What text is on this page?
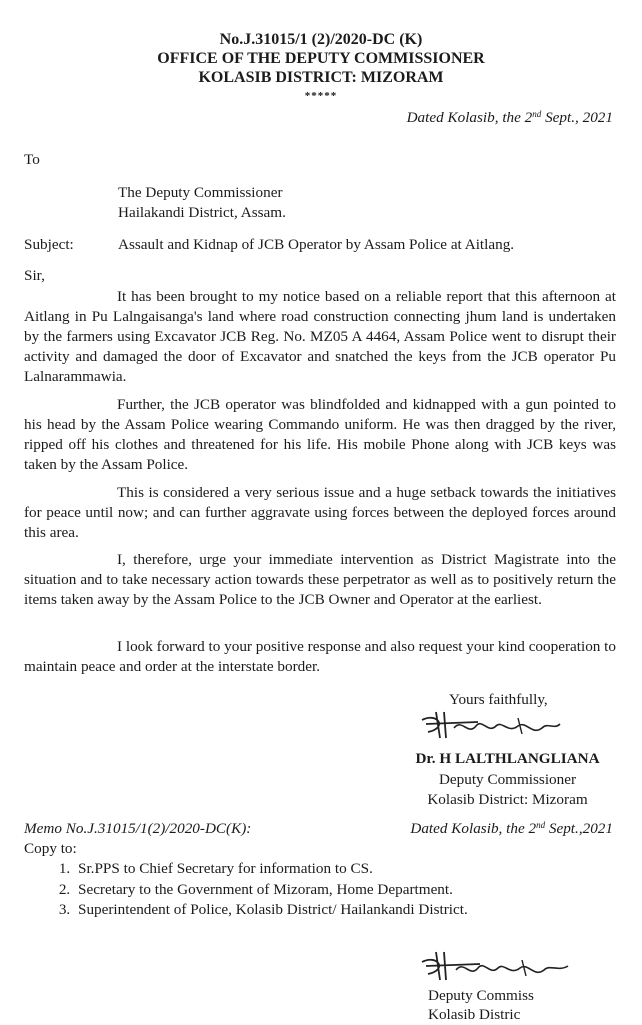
No.J.31015/1 (2)/2020-DC (K)
OFFICE OF THE DEPUTY COMMISSIONER
KOLASIB DISTRICT: MIZORAM
*****
Dated Kolasib, the 2nd Sept., 2021
To
The Deputy Commissioner
Hailakandi District, Assam.
Subject:	Assault and Kidnap of JCB Operator by Assam Police at Aitlang.
Sir,
It has been brought to my notice based on a reliable report that this afternoon at Aitlang in Pu Lalngaisanga's land where road construction connecting jhum land is undertaken by the farmers using Excavator JCB Reg. No. MZ05 A 4464, Assam Police went to disrupt their activity and damaged the door of Excavator and snatched the keys from the JCB operator Pu Lalnarammawia.
Further, the JCB operator was blindfolded and kidnapped with a gun pointed to his head by the Assam Police wearing Commando uniform. He was then dragged by the river, ripped off his clothes and threatened for his life. His mobile Phone along with JCB keys was taken by the Assam Police.
This is considered a very serious issue and a huge setback towards the initiatives for peace until now; and can further aggravate using forces between the deployed forces around this area.
I, therefore, urge your immediate intervention as District Magistrate into the situation and to take necessary action towards these perpetrator as well as to positively return the items taken away by the Assam Police to the JCB Owner and Operator at the earliest.
I look forward to your positive response and also request your kind cooperation to maintain peace and order at the interstate border.
Yours faithfully,
Dr. H LALTHLANGLIANA
Deputy Commissioner
Kolasib District: Mizoram
Memo No.J.31015/1(2)/2020-DC(K):	Dated Kolasib, the 2nd Sept.,2021
Copy to:
1. Sr.PPS to Chief Secretary for information to CS.
2. Secretary to the Government of Mizoram, Home Department.
3. Superintendent of Police, Kolasib District/ Hailankandi District.
Deputy Commiss
Kolasib Distric
